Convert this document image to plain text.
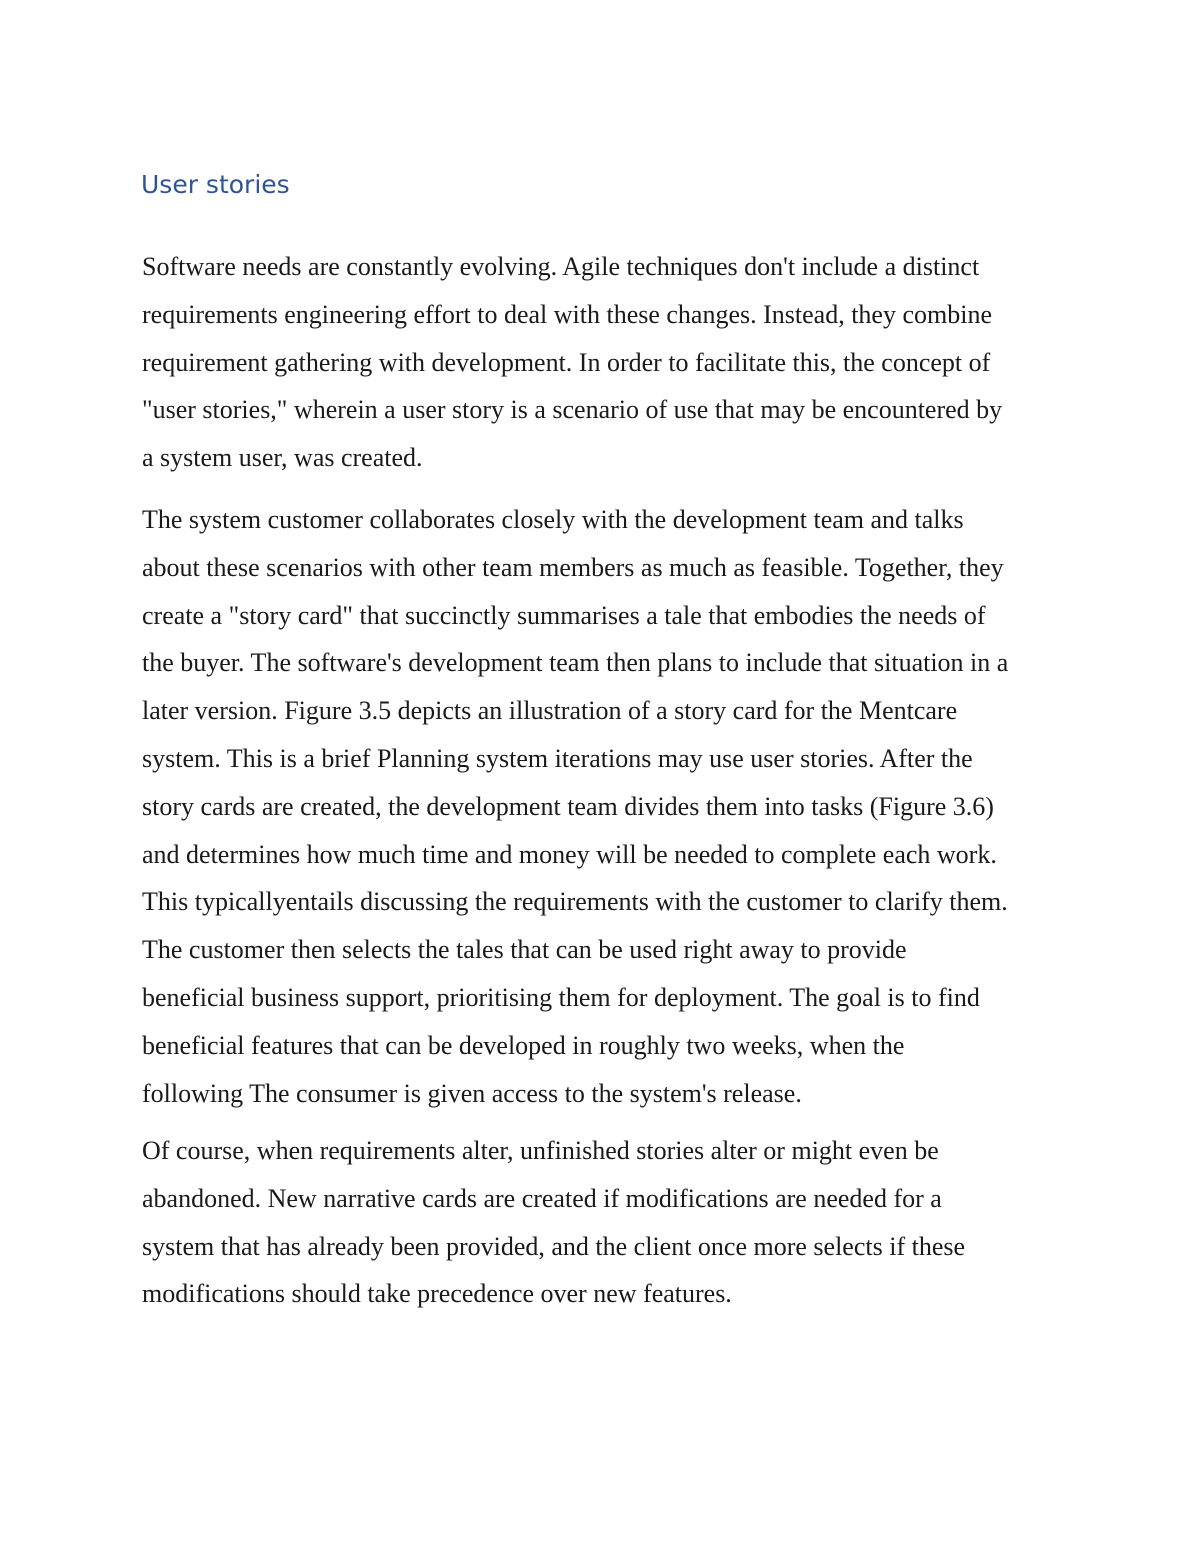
User stories

Software needs are constantly evolving. Agile techniques don't include a distinct
requirements engineering effort to deal with these changes. Instead, they combine
requirement gathering with development. In order to facilitate this, the concept of
"user stories," wherein a user story is a scenario of use that may be encountered by
a system user, was created.

The system customer collaborates closely with the development team and talks
about these scenarios with other team members as much as feasible. Together, they
create a "story card" that succinctly summarises a tale that embodies the needs of
the buyer. The software's development team then plans to include that situation in a
later version. Figure 3.5 depicts an illustration of a story card for the Mentcare
system. This is a brief Planning system iterations may use user stories. After the
story cards are created, the development team divides them into tasks (Figure 3.6)
and determines how much time and money will be needed to complete each work.
This typicallyentails discussing the requirements with the customer to clarify them.
The customer then selects the tales that can be used right away to provide
beneficial business support, prioritising them for deployment. The goal is to find
beneficial features that can be developed in roughly two weeks, when the
following The consumer is given access to the system's release.

Of course, when requirements alter, unfinished stories alter or might even be
abandoned. New narrative cards are created if modifications are needed for a
system that has already been provided, and the client once more selects if these
modifications should take precedence over new features.
